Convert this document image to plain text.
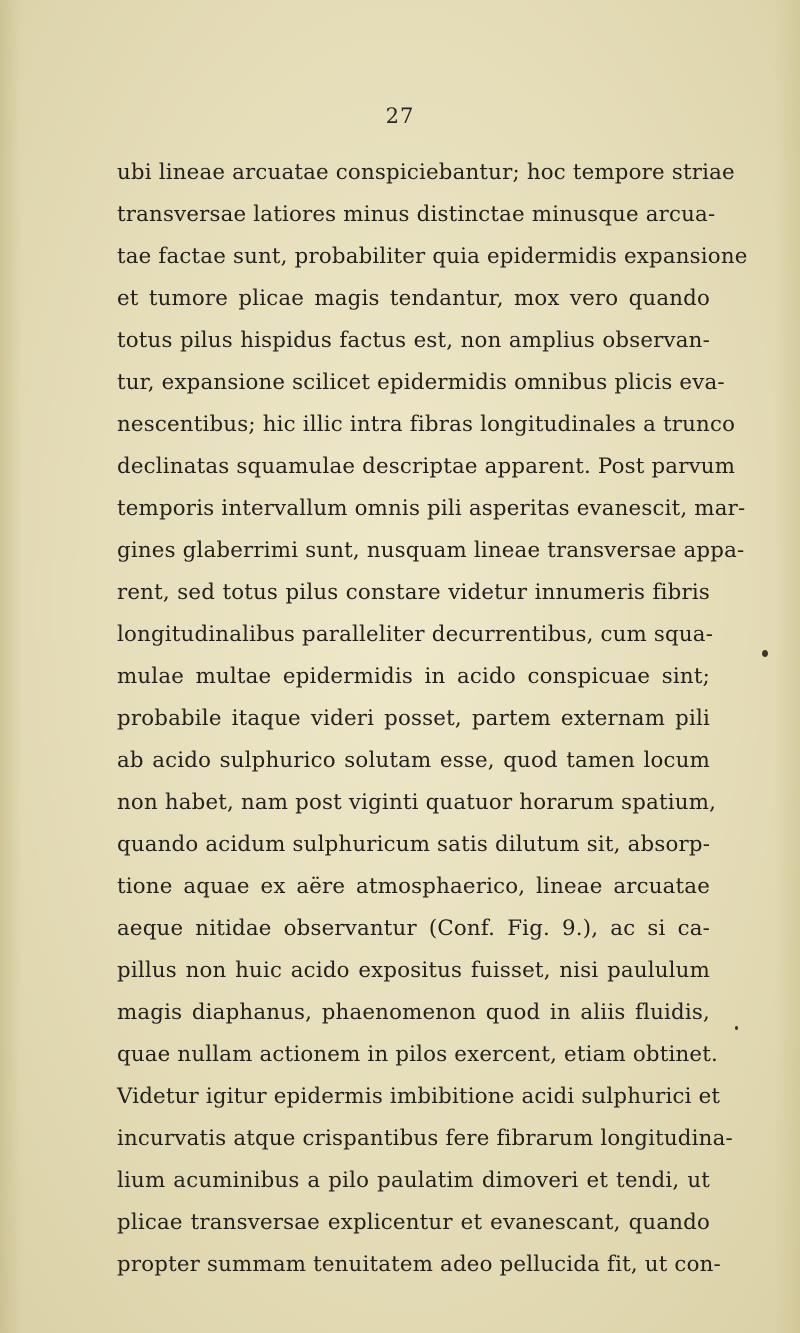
27
ubi lineae arcuatae conspiciebantur; hoc tempore striae
transversae latiores minus distinctae minusque arcua-
tae factae sunt, probabiliter quia epidermidis expansione
et tumore plicae magis tendantur, mox vero quando
totus pilus hispidus factus est, non amplius observan-
tur, expansione scilicet epidermidis omnibus plicis eva-
nescentibus; hic illic intra fibras longitudinales a trunco
declinatas squamulae descriptae apparent. Post parvum
temporis intervallum omnis pili asperitas evanescit, mar-
gines glaberrimi sunt, nusquam lineae transversae appa-
rent, sed totus pilus constare videtur innumeris fibris
longitudinalibus paralleliter decurrentibus, cum squa-
mulae multae epidermidis in acido conspicuae sint;
probabile itaque videri posset, partem externam pili
ab acido sulphurico solutam esse, quod tamen locum
non habet, nam post viginti quatuor horarum spatium,
quando acidum sulphuricum satis dilutum sit, absorp-
tione aquae ex aëre atmosphaerico, lineae arcuatae
aeque nitidae observantur (Conf. Fig. 9.), ac si ca-
pillus non huic acido expositus fuisset, nisi paululum
magis diaphanus, phaenomenon quod in aliis fluidis,
quae nullam actionem in pilos exercent, etiam obtinet.
Videtur igitur epidermis imbibitione acidi sulphurici et
incurvatis atque crispantibus fere fibrarum longitudina-
lium acuminibus a pilo paulatim dimoveri et tendi, ut
plicae transversae explicentur et evanescant, quando
propter summam tenuitatem adeo pellucida fit, ut con-
